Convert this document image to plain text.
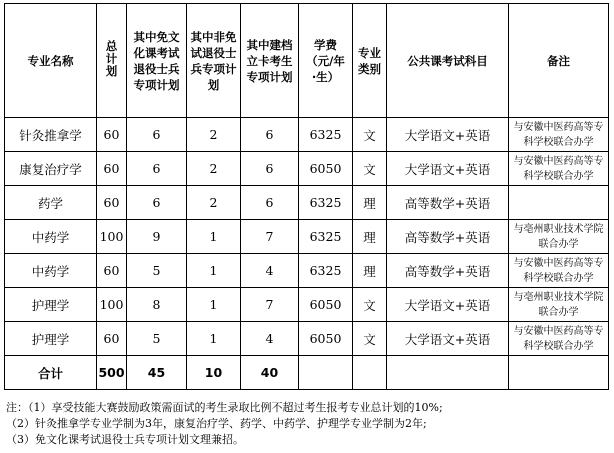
专业名称	总计划	其中免文化课考试退役士兵专项计划	其中非免试退役士兵专项计划	其中建档立卡考生专项计划	学费（元/年·生）	专业类别	公共课考试科目	备注
针灸推拿学	60	6	2	6	6325	文	大学语文+英语	与安徽中医药高等专科学校联合办学
康复治疗学	60	6	2	6	6050	文	大学语文+英语	与安徽中医药高等专科学校联合办学
药学	60	6	2	6	6325	理	高等数学+英语	
中药学	100	9	1	7	6325	理	高等数学+英语	与亳州职业技术学院联合办学
中药学	60	5	1	4	6325	理	高等数学+英语	与安徽中医药高等专科学校联合办学
护理学	100	8	1	7	6050	文	大学语文+英语	与亳州职业技术学院联合办学
护理学	60	5	1	4	6050	文	大学语文+英语	与安徽中医药高等专科学校联合办学
合计	500	45	10	40				
注：（1）享受技能大赛鼓励政策需面试的考生录取比例不超过考生报考专业总计划的10%;
（2）针灸推拿学专业学制为3年，康复治疗学、药学、中药学、护理学专业学制为2年;
（3）免文化课考试退役士兵专项计划文理兼招。
